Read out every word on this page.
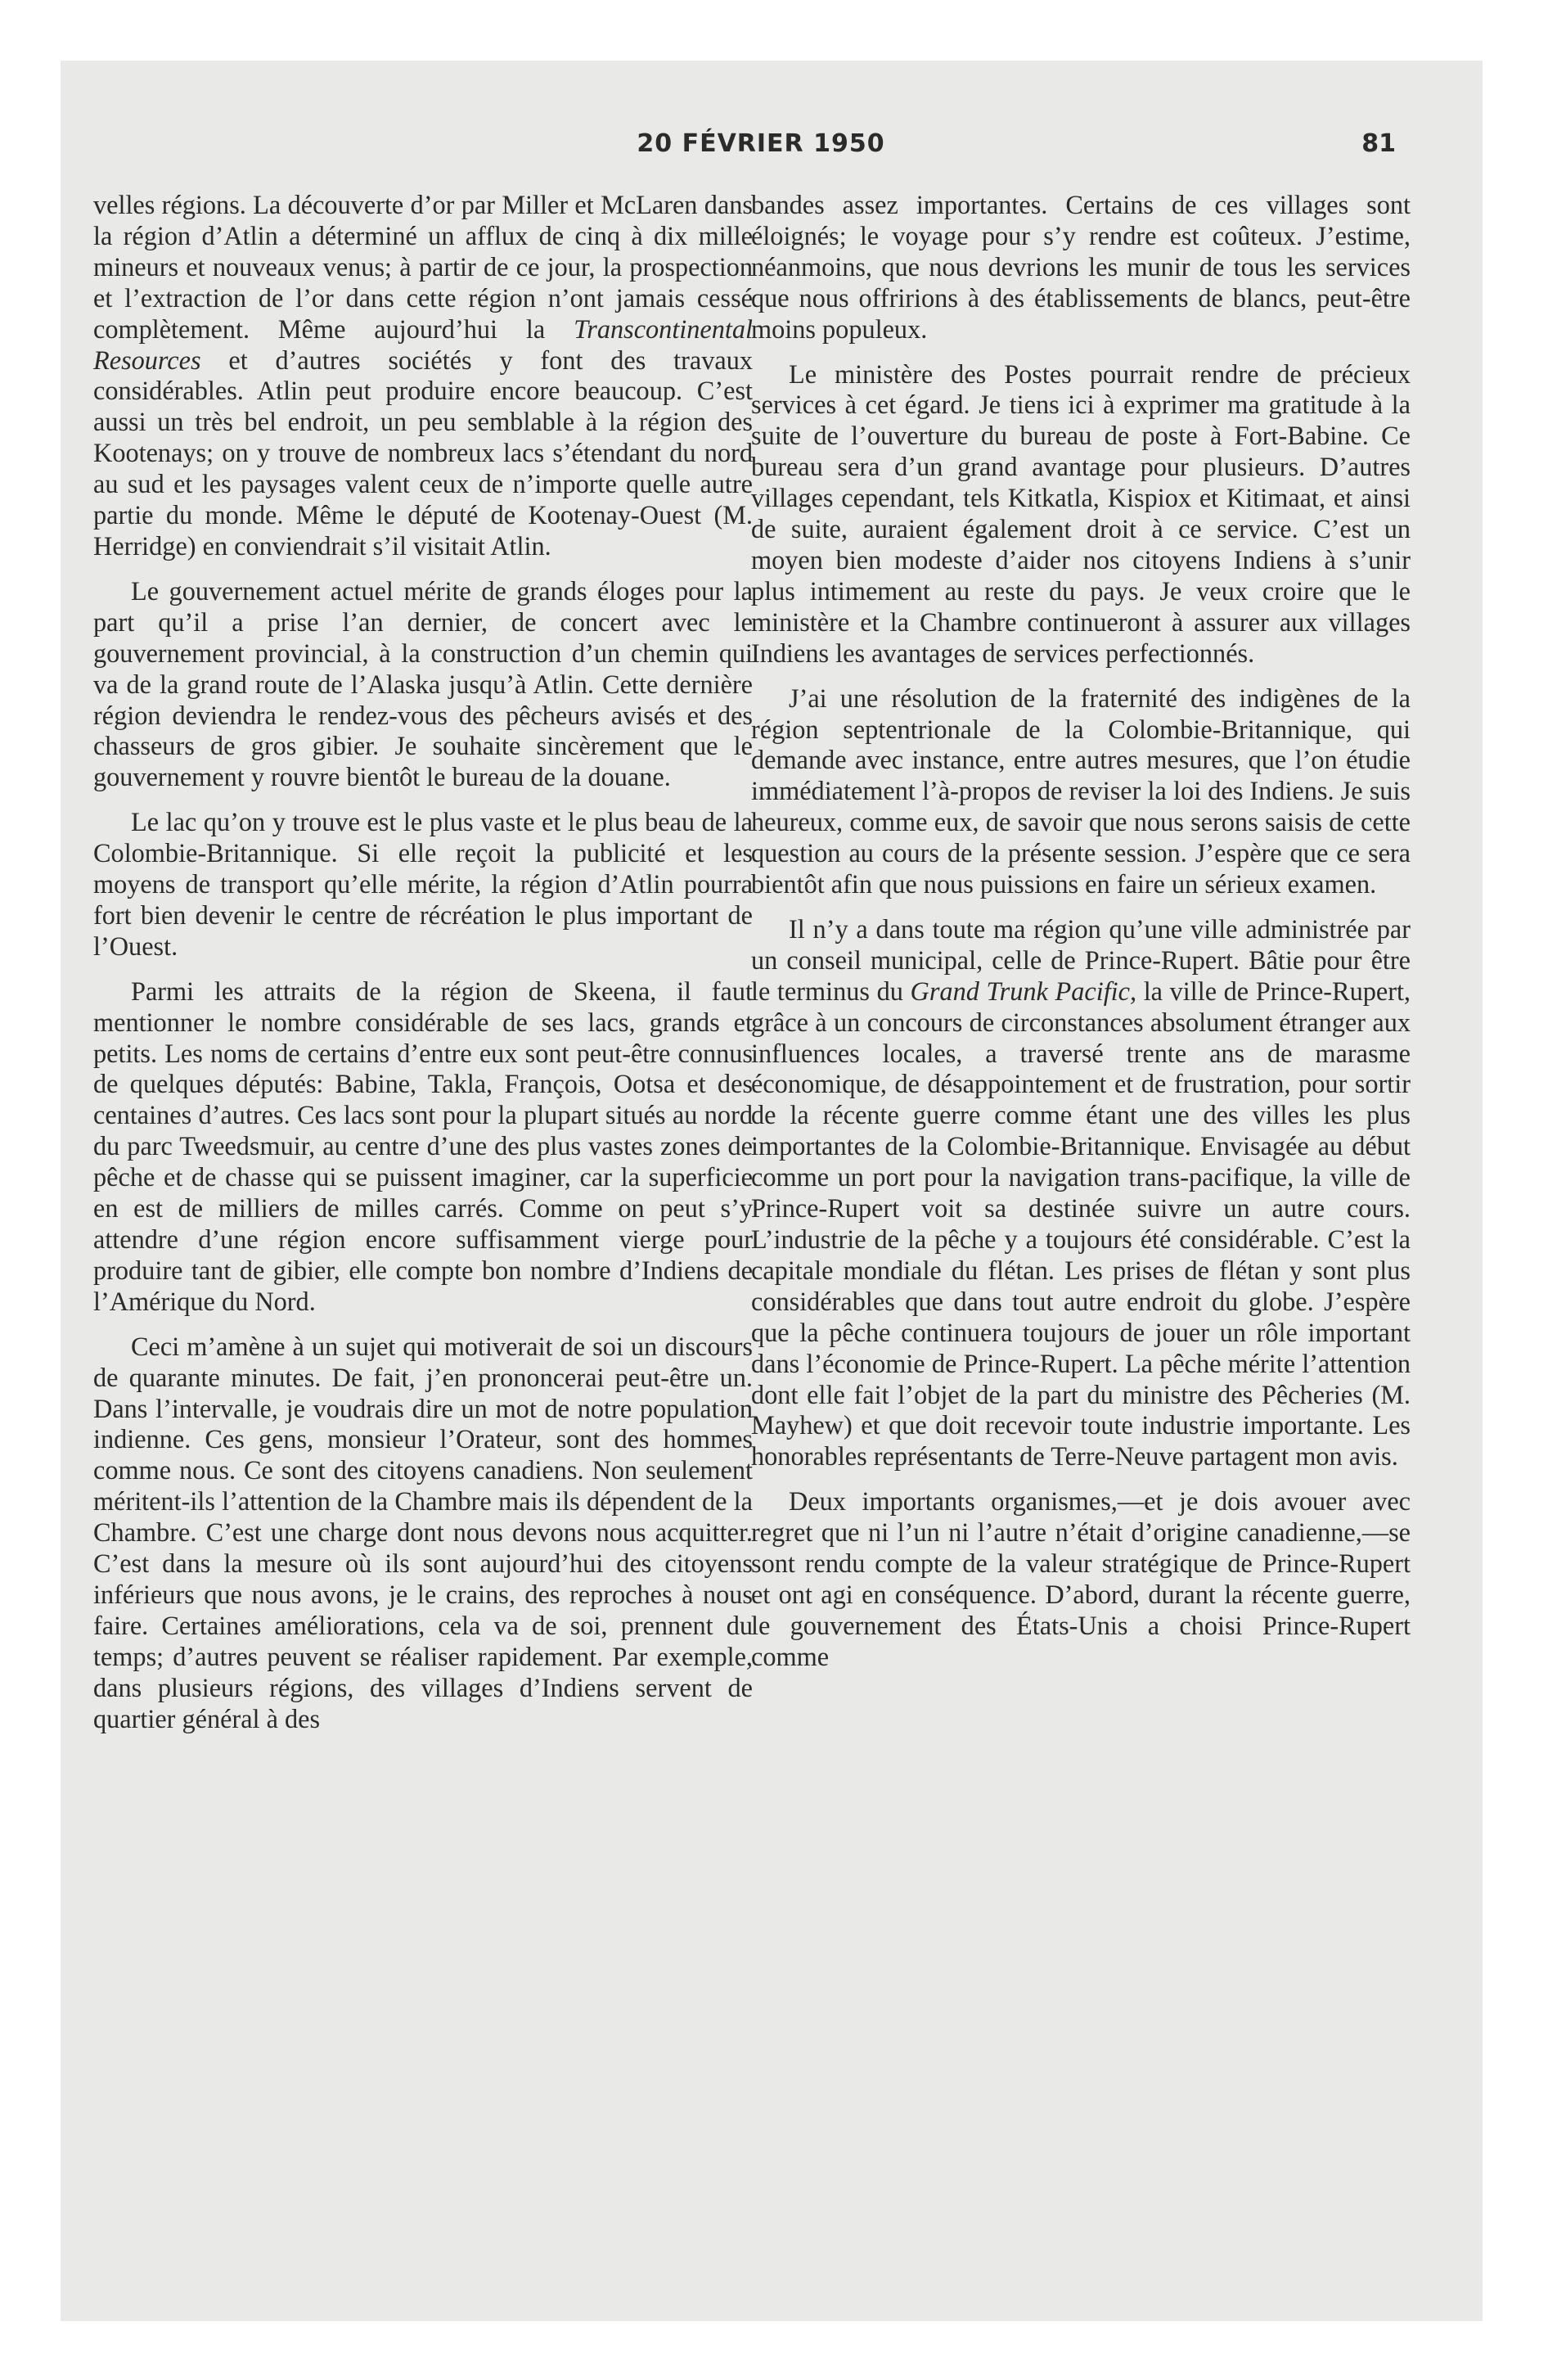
20 FÉVRIER 1950	81

velles régions. La découverte d’or par Miller et McLaren dans la région d’Atlin a déterminé un afflux de cinq à dix mille mineurs et nouveaux venus; à partir de ce jour, la prospection et l’extraction de l’or dans cette région n’ont jamais cessé complètement. Même aujourd’hui la Transcontinental Resources et d’autres sociétés y font des travaux considérables. Atlin peut produire encore beaucoup. C’est aussi un très bel endroit, un peu semblable à la région des Kootenays; on y trouve de nombreux lacs s’étendant du nord au sud et les paysages valent ceux de n’importe quelle autre partie du monde. Même le député de Kootenay-Ouest (M. Herridge) en conviendrait s’il visitait Atlin.

Le gouvernement actuel mérite de grands éloges pour la part qu’il a prise l’an dernier, de concert avec le gouvernement provincial, à la construction d’un chemin qui va de la grand route de l’Alaska jusqu’à Atlin. Cette dernière région deviendra le rendez-vous des pêcheurs avisés et des chasseurs de gros gibier. Je souhaite sincèrement que le gouvernement y rouvre bientôt le bureau de la douane.

Le lac qu’on y trouve est le plus vaste et le plus beau de la Colombie-Britannique. Si elle reçoit la publicité et les moyens de transport qu’elle mérite, la région d’Atlin pourra fort bien devenir le centre de récréation le plus important de l’Ouest.

Parmi les attraits de la région de Skeena, il faut mentionner le nombre considérable de ses lacs, grands et petits. Les noms de certains d’entre eux sont peut-être connus de quelques députés: Babine, Takla, François, Ootsa et des centaines d’autres. Ces lacs sont pour la plupart situés au nord du parc Tweedsmuir, au centre d’une des plus vastes zones de pêche et de chasse qui se puissent imaginer, car la superficie en est de milliers de milles carrés. Comme on peut s’y attendre d’une région encore suffisamment vierge pour produire tant de gibier, elle compte bon nombre d’Indiens de l’Amérique du Nord.

Ceci m’amène à un sujet qui motiverait de soi un discours de quarante minutes. De fait, j’en prononcerai peut-être un. Dans l’intervalle, je voudrais dire un mot de notre population indienne. Ces gens, monsieur l’Orateur, sont des hommes comme nous. Ce sont des citoyens canadiens. Non seulement méritent-ils l’attention de la Chambre mais ils dépendent de la Chambre. C’est une charge dont nous devons nous acquitter. C’est dans la mesure où ils sont aujourd’hui des citoyens inférieurs que nous avons, je le crains, des reproches à nous faire. Certaines améliorations, cela va de soi, prennent du temps; d’autres peuvent se réaliser rapidement. Par exemple, dans plusieurs régions, des villages d’Indiens servent de quartier général à des

bandes assez importantes. Certains de ces villages sont éloignés; le voyage pour s’y rendre est coûteux. J’estime, néanmoins, que nous devrions les munir de tous les services que nous offririons à des établissements de blancs, peut-être moins populeux.

Le ministère des Postes pourrait rendre de précieux services à cet égard. Je tiens ici à exprimer ma gratitude à la suite de l’ouverture du bureau de poste à Fort-Babine. Ce bureau sera d’un grand avantage pour plusieurs. D’autres villages cependant, tels Kitkatla, Kispiox et Kitimaat, et ainsi de suite, auraient également droit à ce service. C’est un moyen bien modeste d’aider nos citoyens Indiens à s’unir plus intimement au reste du pays. Je veux croire que le ministère et la Chambre continueront à assurer aux villages Indiens les avantages de services perfectionnés.

J’ai une résolution de la fraternité des indigènes de la région septentrionale de la Colombie-Britannique, qui demande avec instance, entre autres mesures, que l’on étudie immédiatement l’à-propos de reviser la loi des Indiens. Je suis heureux, comme eux, de savoir que nous serons saisis de cette question au cours de la présente session. J’espère que ce sera bientôt afin que nous puissions en faire un sérieux examen.

Il n’y a dans toute ma région qu’une ville administrée par un conseil municipal, celle de Prince-Rupert. Bâtie pour être le terminus du Grand Trunk Pacific, la ville de Prince-Rupert, grâce à un concours de circonstances absolument étranger aux influences locales, a traversé trente ans de marasme économique, de désappointement et de frustration, pour sortir de la récente guerre comme étant une des villes les plus importantes de la Colombie-Britannique. Envisagée au début comme un port pour la navigation trans-pacifique, la ville de Prince-Rupert voit sa destinée suivre un autre cours. L’industrie de la pêche y a toujours été considérable. C’est la capitale mondiale du flétan. Les prises de flétan y sont plus considérables que dans tout autre endroit du globe. J’espère que la pêche continuera toujours de jouer un rôle important dans l’économie de Prince-Rupert. La pêche mérite l’attention dont elle fait l’objet de la part du ministre des Pêcheries (M. Mayhew) et que doit recevoir toute industrie importante. Les honorables représentants de Terre-Neuve partagent mon avis.

Deux importants organismes,—et je dois avouer avec regret que ni l’un ni l’autre n’était d’origine canadienne,—se sont rendu compte de la valeur stratégique de Prince-Rupert et ont agi en conséquence. D’abord, durant la récente guerre, le gouvernement des États-Unis a choisi Prince-Rupert comme
